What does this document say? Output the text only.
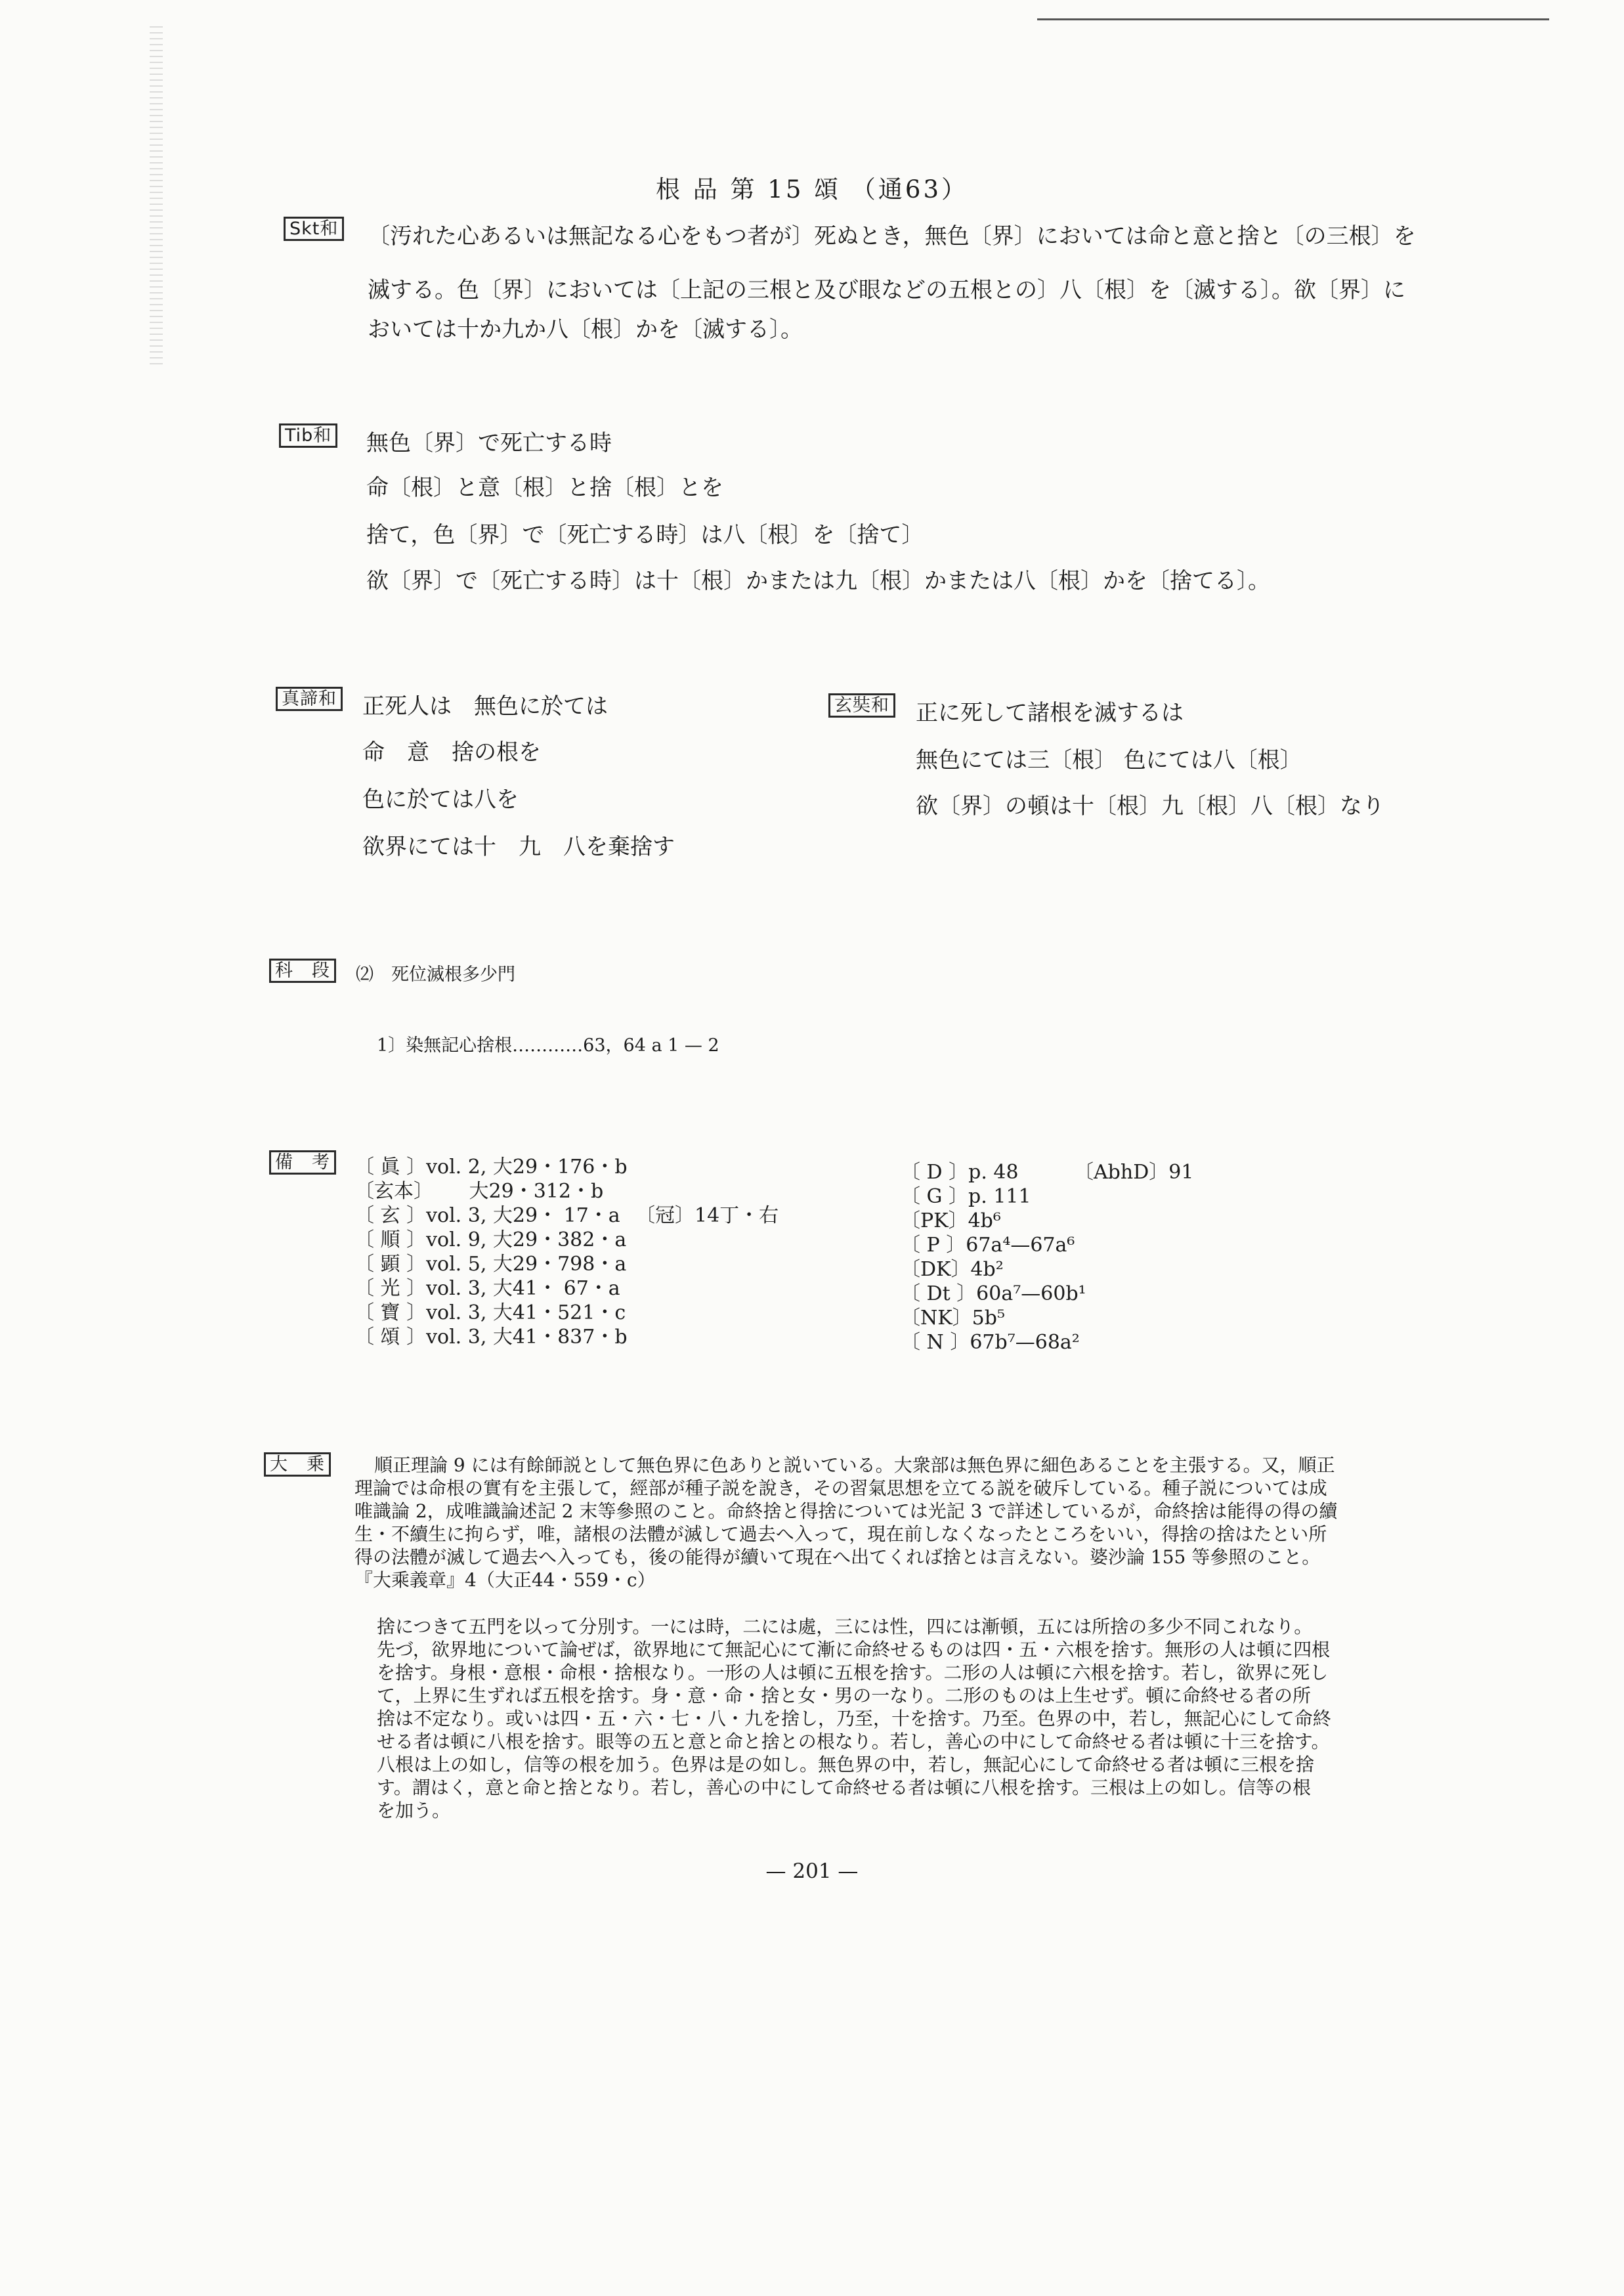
根 品 第 15 頌 （通63）
Skt和 〔汚れた心あるいは無記なる心をもつ者が〕死ぬとき，無色〔界〕においては命と意と捨と〔の三根〕を
滅する。色〔界〕においては〔上記の三根と及び眼などの五根との〕八〔根〕を〔滅する〕。欲〔界〕に
おいては十か九か八〔根〕かを〔滅する〕。
Tib和 無色〔界〕で死亡する時
命〔根〕と意〔根〕と捨〔根〕とを
捨て，色〔界〕で〔死亡する時〕は八〔根〕を〔捨て〕
欲〔界〕で〔死亡する時〕は十〔根〕かまたは九〔根〕かまたは八〔根〕かを〔捨てる〕。
真諦和 正死人は　無色に於ては
命　意　捨の根を
色に於ては八を
欲界にては十　九　八を棄捨す
玄奘和 正に死して諸根を滅するは
無色にては三〔根〕 色にては八〔根〕
欲〔界〕の頓は十〔根〕九〔根〕八〔根〕なり
科　段	⑵　死位滅根多少門
1〕染無記心捨根…………63，64 a 1 — 2
備　考	〔 眞 〕vol. 2, 大29・176・b
〔玄本〕　　 大29・312・b
〔 玄 〕vol. 3, 大29・ 17・a
〔 順 〕vol. 9, 大29・382・a
〔 顕 〕vol. 5, 大29・798・a
〔 光 〕vol. 3, 大41・ 67・a
〔 寶 〕vol. 3, 大41・521・c
〔 頌 〕vol. 3, 大41・837・b
〔冠〕14丁・右
〔 D 〕p. 48
〔 G 〕p. 111
〔PK〕4b⁶
〔 P 〕67a⁴—67a⁶
〔DK〕4b²
〔 Dt 〕60a⁷—60b¹
〔NK〕5b⁵
〔 N 〕67b⁷—68a²
〔AbhD〕91
大　乗	順正理論 9 には有餘師説として無色界に色ありと説いている。大衆部は無色界に細色あることを主張する。又，順正
理論では命根の實有を主張して，經部が種子説を說き，その習氣思想を立てる説を破斥している。種子説については成
唯識論 2，成唯識論述記 2 末等參照のこと。命終捨と得捨については光記 3 で詳述しているが，命終捨は能得の得の續
生・不續生に拘らず，唯，諸根の法體が滅して過去へ入って，現在前しなくなったところをいい，得捨の捨はたとい所
得の法體が滅して過去へ入っても，後の能得が續いて現在へ出てくれば捨とは言えない。婆沙論 155 等參照のこと。
『大乘義章』4（大正44・559・c）
捨につきて五門を以って分別す。一には時，二には處，三には性，四には漸頓，五には所捨の多少不同これなり。
先づ，欲界地について論ぜば，欲界地にて無記心にて漸に命終せるものは四・五・六根を捨す。無形の人は頓に四根
を捨す。身根・意根・命根・捨根なり。一形の人は頓に五根を捨す。二形の人は頓に六根を捨す。若し，欲界に死し
て，上界に生ずれば五根を捨す。身・意・命・捨と女・男の一なり。二形のものは上生せず。頓に命終せる者の所
捨は不定なり。或いは四・五・六・七・八・九を捨し，乃至，十を捨す。乃至。色界の中，若し，無記心にして命終
せる者は頓に八根を捨す。眼等の五と意と命と捨との根なり。若し，善心の中にして命終せる者は頓に十三を捨す。
八根は上の如し，信等の根を加う。色界は是の如し。無色界の中，若し，無記心にして命終せる者は頓に三根を捨
す。謂はく，意と命と捨となり。若し，善心の中にして命終せる者は頓に八根を捨す。三根は上の如し。信等の根
を加う。
— 201 —
